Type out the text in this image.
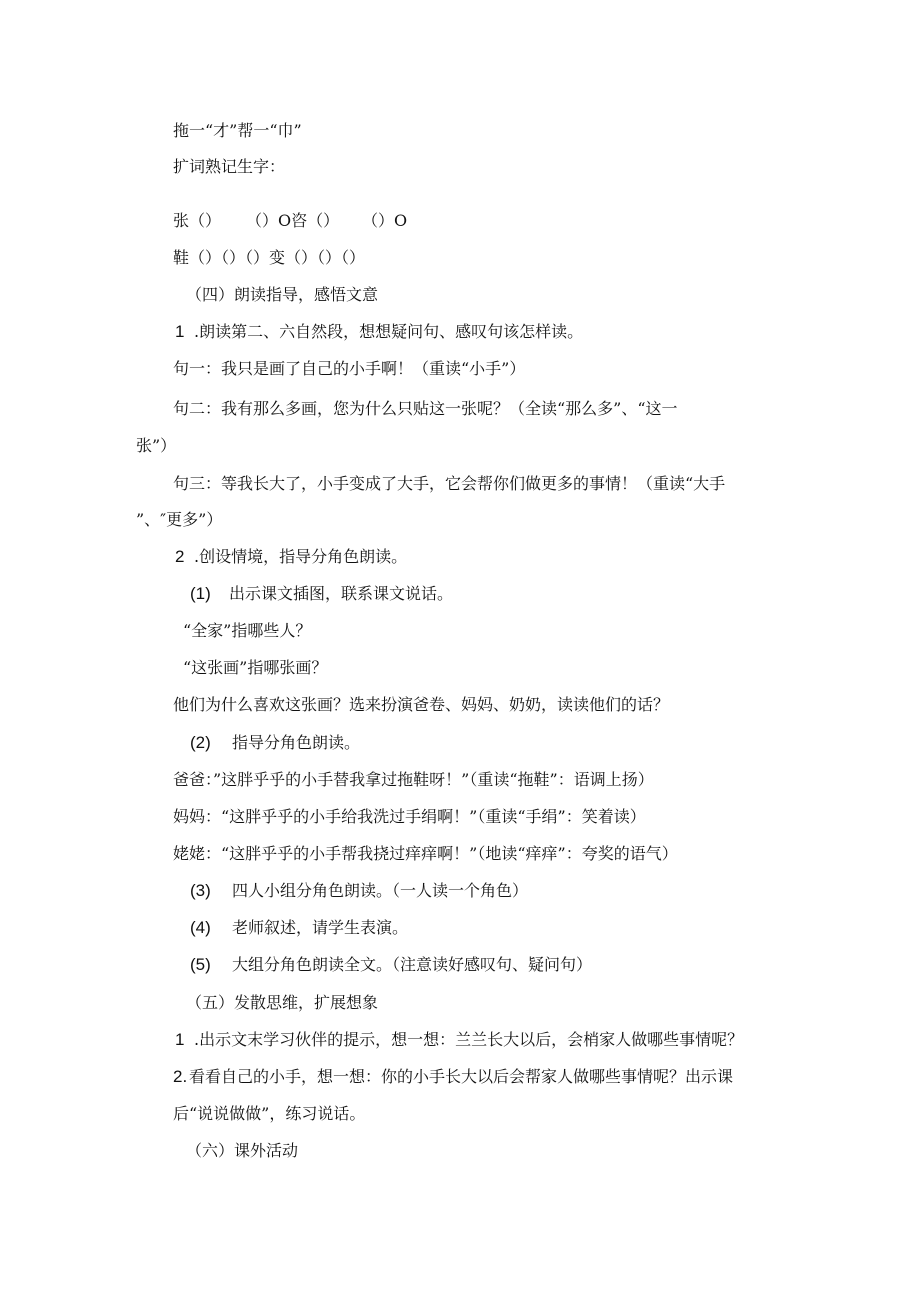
拖一“才”帮一“巾”
扩词熟记生字：
张（） （）O咨（） （）O
鞋（）（）（）变（）（）（）
（四）朗读指导，感悟文意
1 .朗读第二、六自然段，想想疑问句、感叹句该怎样读。
句一：我只是画了自己的小手啊！（重读“小手”）
句二：我有那么多画，您为什么只贴这一张呢？（全读“那么多”、“这一
张”）
句三：等我长大了，小手变成了大手，它会帮你们做更多的事情！（重读“大手
”、″更多”）
2 .创设情境，指导分角色朗读。
(1) 出示课文插图，联系课文说话。
“全家”指哪些人？
“这张画”指哪张画？
他们为什么喜欢这张画？选来扮演爸卷、妈妈、奶奶，读读他们的话？
(2) 指导分角色朗读。
爸爸：”这胖乎乎的小手替我拿过拖鞋呀！”（重读“拖鞋”：语调上扬）
妈妈：“这胖乎乎的小手给我洗过手绢啊！”（重读“手绢”：笑着读）
姥姥：“这胖乎乎的小手帮我挠过痒痒啊！”（地读“痒痒”：夸奖的语气）
(3) 四人小组分角色朗读。（一人读一个角色）
(4) 老师叙述，请学生表演。
(5) 大组分角色朗读全文。（注意读好感叹句、疑问句）
（五）发散思维，扩展想象
1 .出示文末学习伙伴的提示，想一想：兰兰长大以后，会梢家人做哪些事情呢？
2. 看看自己的小手，想一想：你的小手长大以后会帮家人做哪些事情呢？出示课
后“说说做做”，练习说话。
（六）课外活动
